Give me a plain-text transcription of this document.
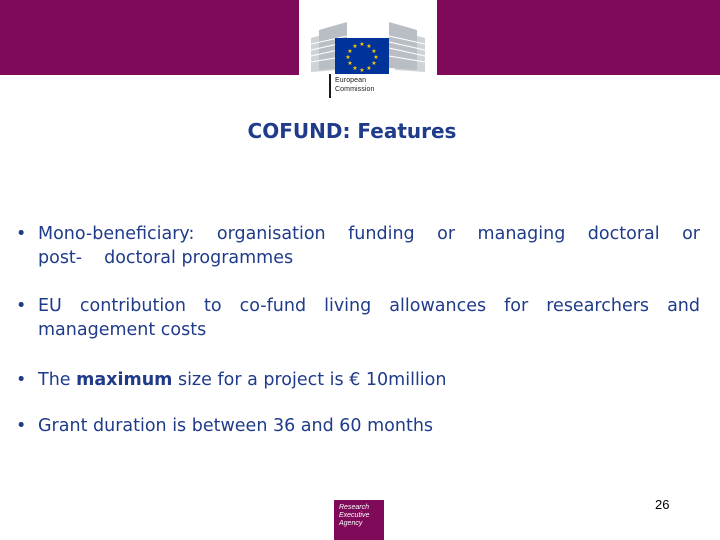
★ ★
★
★
★
★
★
★
★
★
★
★
European
Commission
COFUND: Features
• Mono-beneficiary: organisation funding or managing doctoral or
post- doctoral programmes
• EU contribution to co-fund living allowances for researchers and
management costs
• The maximum size for a project is € 10million
• Grant duration is between 36 and 60 months
Research
Executive
Agency
26
